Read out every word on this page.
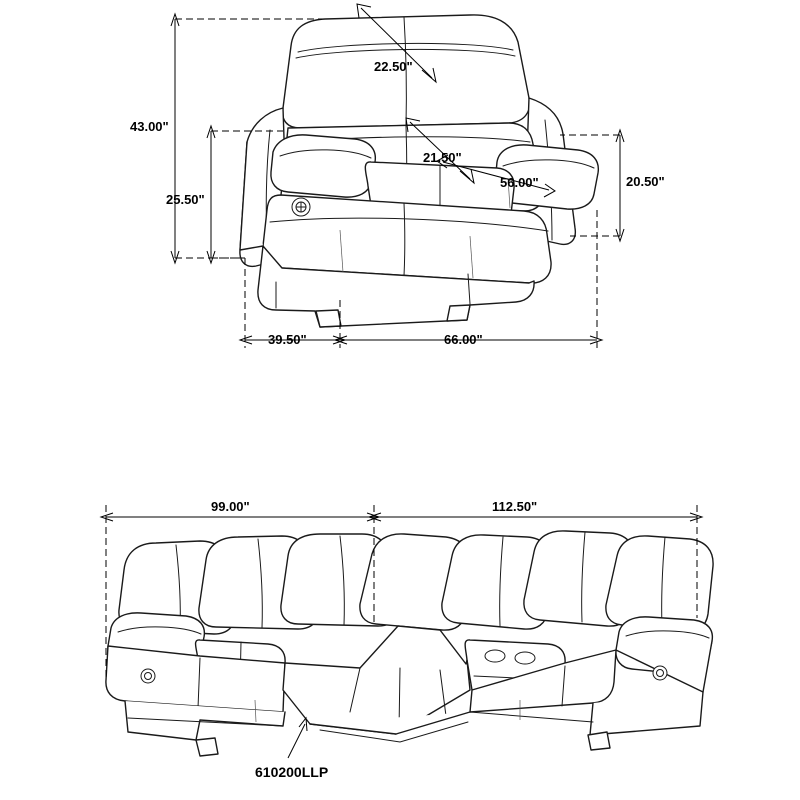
43.00"
25.50"
22.50"
21.50"
56.00"	20.50"
39.50"	66.00"
99.00"	112.50"
610200LLP
